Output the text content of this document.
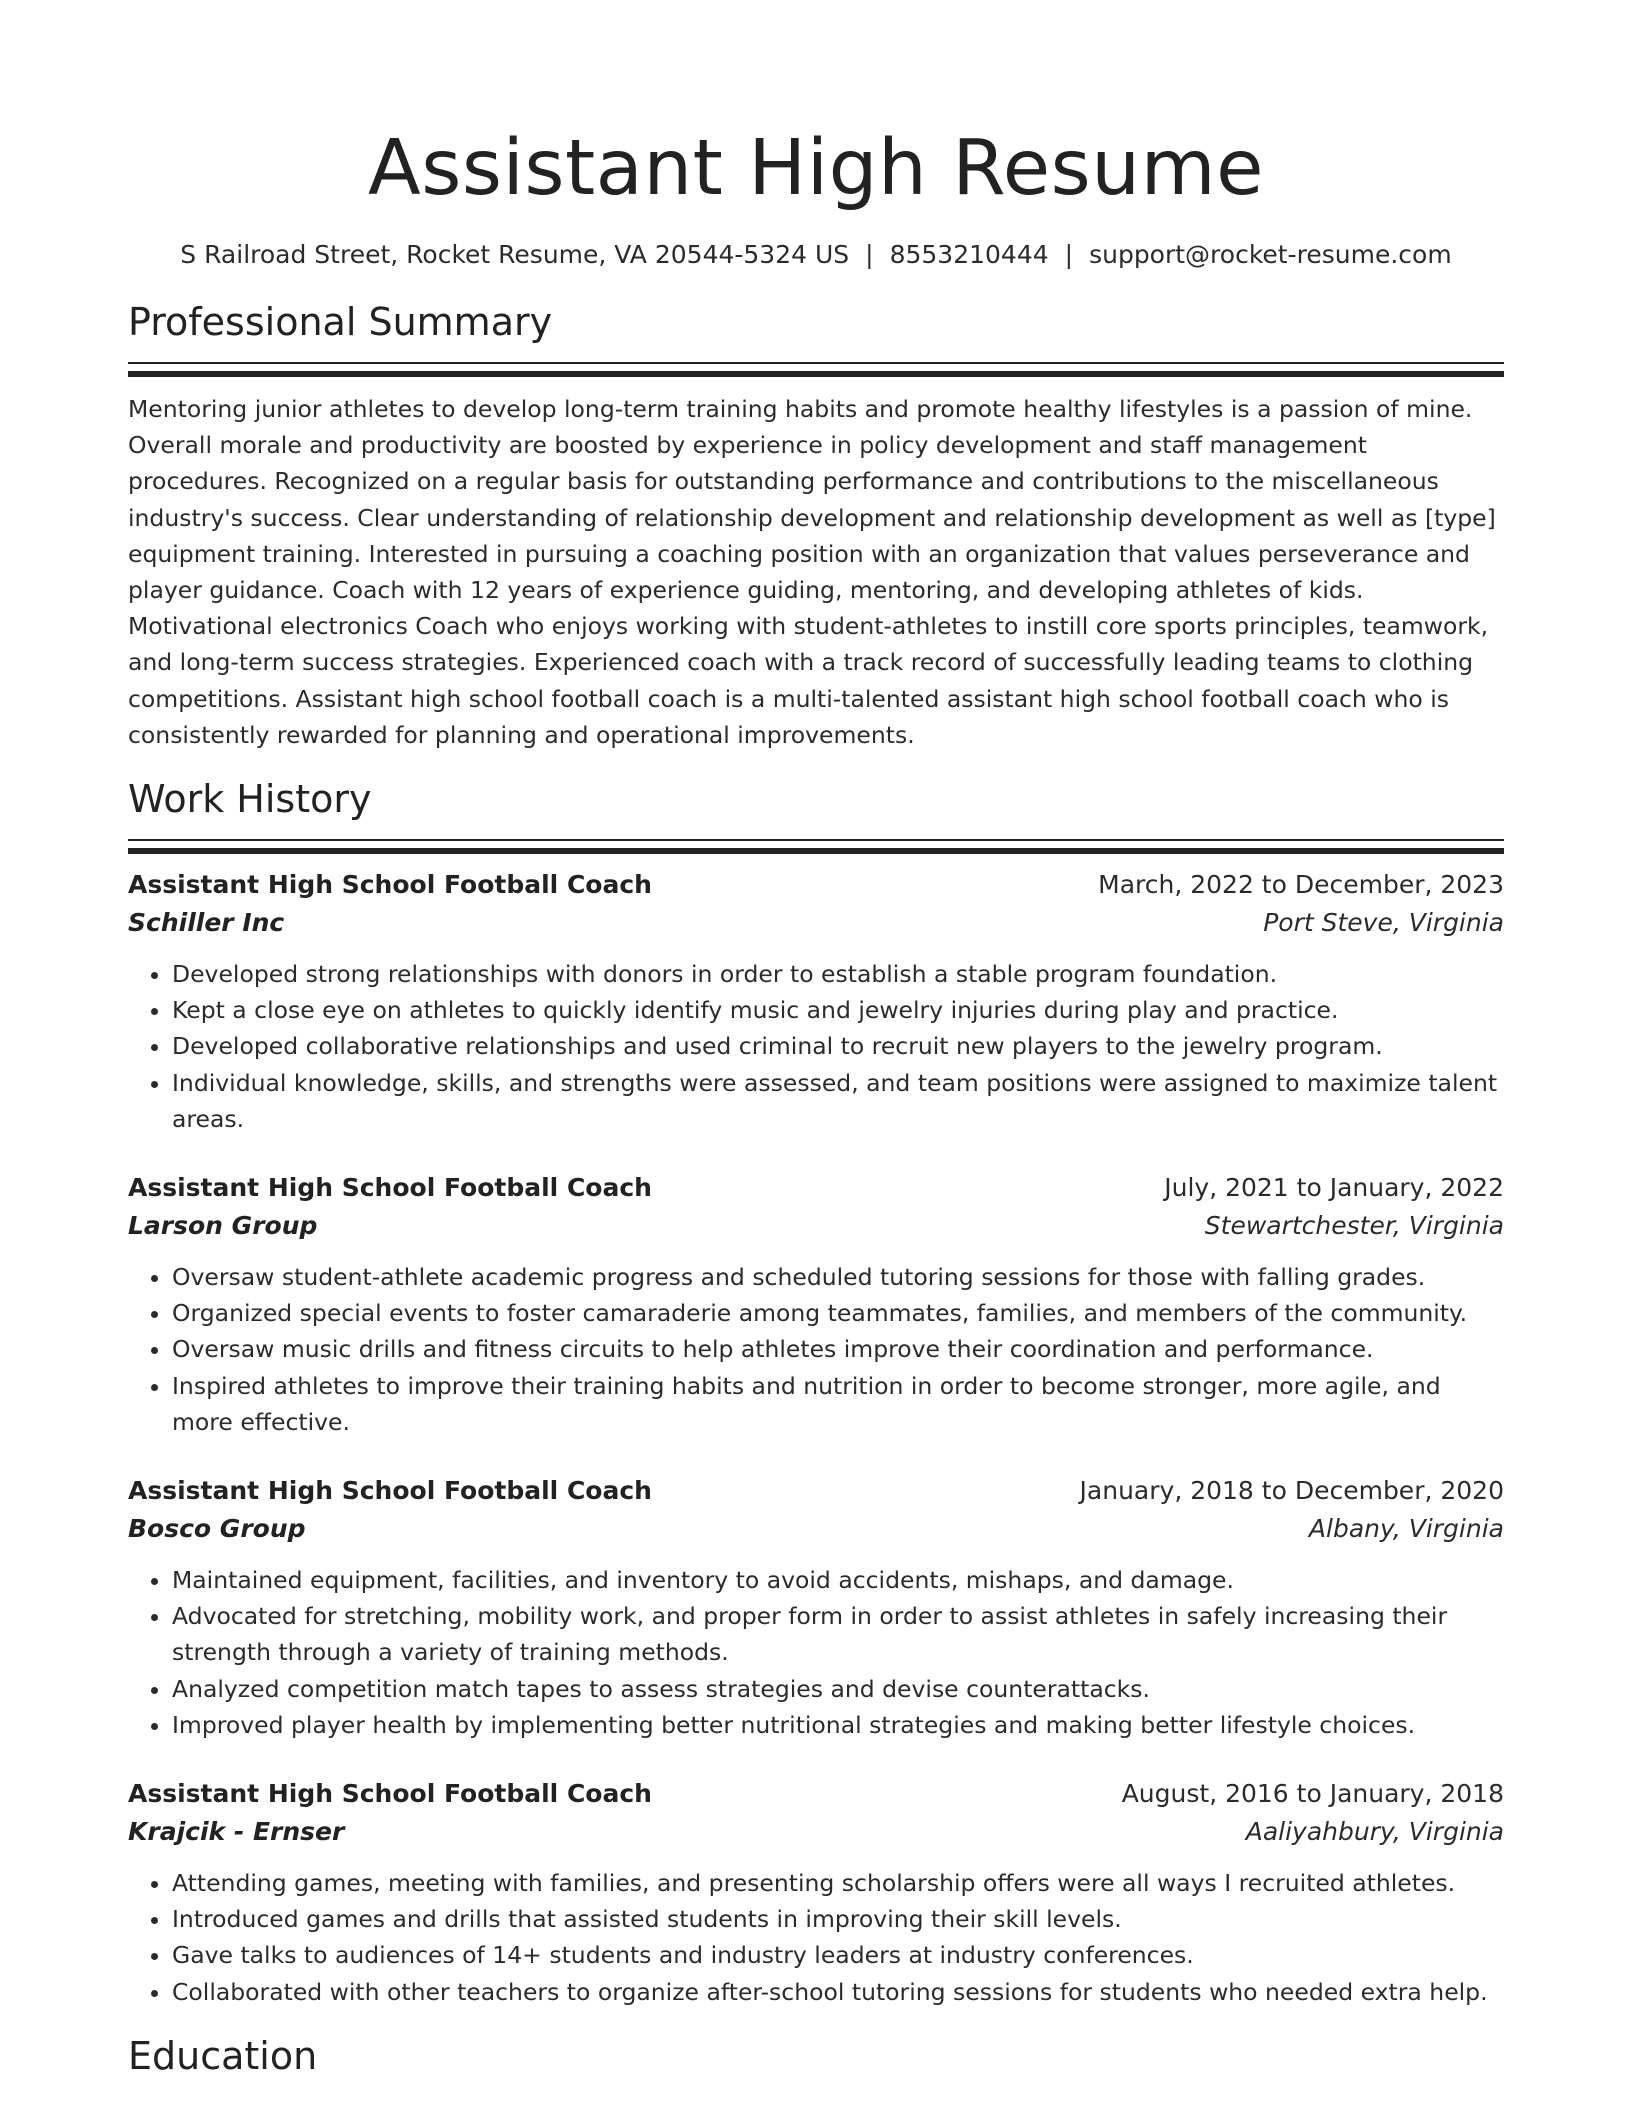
Assistant High Resume
S Railroad Street, Rocket Resume, VA 20544-5324 US | 8553210444 | support@rocket-resume.com
Professional Summary

Mentoring junior athletes to develop long-term training habits and promote healthy lifestyles is a passion of mine. Overall morale and productivity are boosted by experience in policy development and staff management procedures. Recognized on a regular basis for outstanding performance and contributions to the miscellaneous industry's success. Clear understanding of relationship development and relationship development as well as [type] equipment training. Interested in pursuing a coaching position with an organization that values perseverance and player guidance. Coach with 12 years of experience guiding, mentoring, and developing athletes of kids. Motivational electronics Coach who enjoys working with student-athletes to instill core sports principles, teamwork, and long-term success strategies. Experienced coach with a track record of successfully leading teams to clothing competitions. Assistant high school football coach is a multi-talented assistant high school football coach who is consistently rewarded for planning and operational improvements.

Work History
Assistant High School Football Coach	March, 2022 to December, 2023
Schiller Inc	Port Steve, Virginia
• Developed strong relationships with donors in order to establish a stable program foundation.
• Kept a close eye on athletes to quickly identify music and jewelry injuries during play and practice.
• Developed collaborative relationships and used criminal to recruit new players to the jewelry program.
• Individual knowledge, skills, and strengths were assessed, and team positions were assigned to maximize talent areas.
Assistant High School Football Coach	July, 2021 to January, 2022
Larson Group	Stewartchester, Virginia
• Oversaw student-athlete academic progress and scheduled tutoring sessions for those with falling grades.
• Organized special events to foster camaraderie among teammates, families, and members of the community.
• Oversaw music drills and fitness circuits to help athletes improve their coordination and performance.
• Inspired athletes to improve their training habits and nutrition in order to become stronger, more agile, and more effective.
Assistant High School Football Coach	January, 2018 to December, 2020
Bosco Group	Albany, Virginia
• Maintained equipment, facilities, and inventory to avoid accidents, mishaps, and damage.
• Advocated for stretching, mobility work, and proper form in order to assist athletes in safely increasing their strength through a variety of training methods.
• Analyzed competition match tapes to assess strategies and devise counterattacks.
• Improved player health by implementing better nutritional strategies and making better lifestyle choices.
Assistant High School Football Coach	August, 2016 to January, 2018
Krajcik - Ernser	Aaliyahbury, Virginia
• Attending games, meeting with families, and presenting scholarship offers were all ways I recruited athletes.
• Introduced games and drills that assisted students in improving their skill levels.
• Gave talks to audiences of 14+ students and industry leaders at industry conferences.
• Collaborated with other teachers to organize after-school tutoring sessions for students who needed extra help.
Education
